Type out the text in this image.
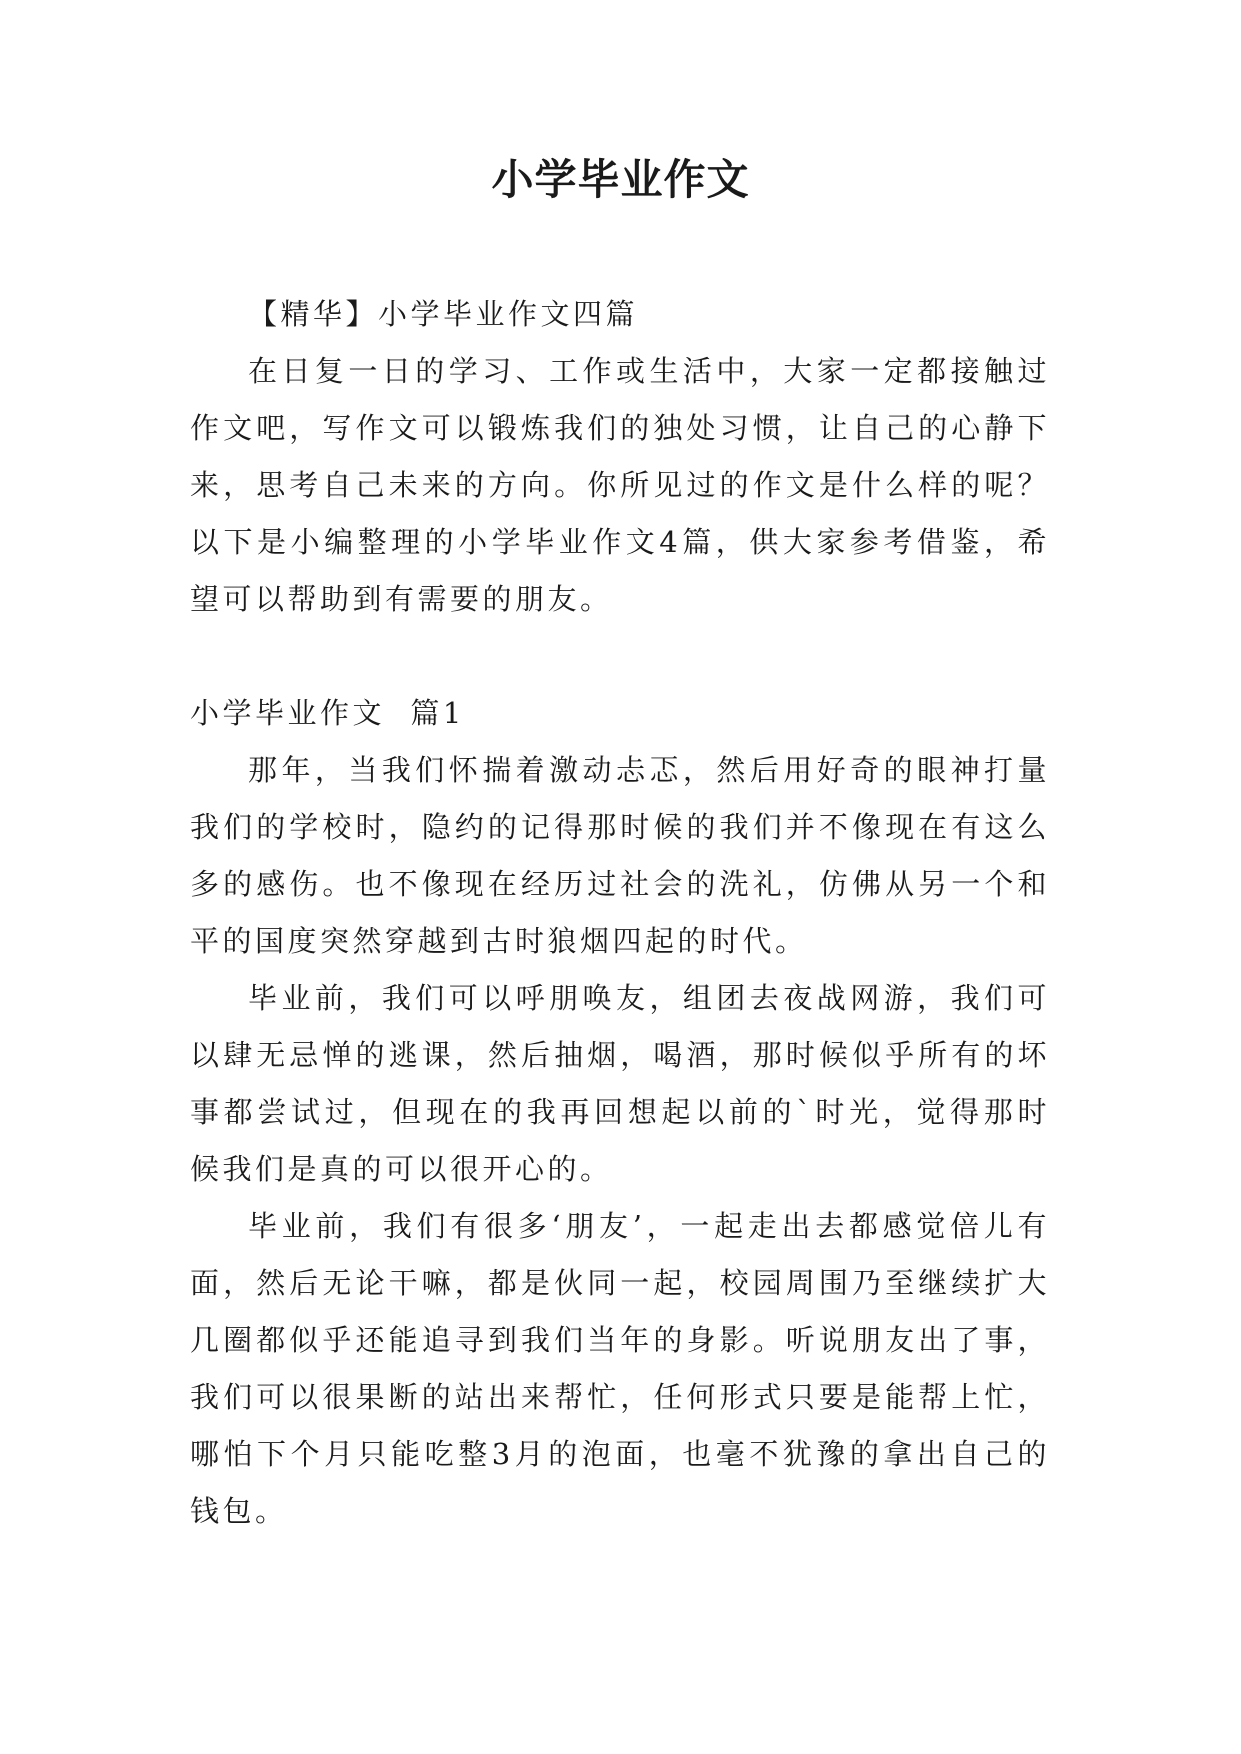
小学毕业作文

【精华】小学毕业作文四篇

在日复一日的学习、工作或生活中，大家一定都接触过作文吧，写作文可以锻炼我们的独处习惯，让自己的心静下来，思考自己未来的方向。你所见过的作文是什么样的呢？以下是小编整理的小学毕业作文4篇，供大家参考借鉴，希望可以帮助到有需要的朋友。

小学毕业作文  篇1

那年，当我们怀揣着激动忐忑，然后用好奇的眼神打量我们的学校时，隐约的记得那时候的我们并不像现在有这么多的感伤。也不像现在经历过社会的洗礼，仿佛从另一个和平的国度突然穿越到古时狼烟四起的时代。

毕业前，我们可以呼朋唤友，组团去夜战网游，我们可以肆无忌惮的逃课，然后抽烟，喝酒，那时候似乎所有的坏事都尝试过，但现在的我再回想起以前的`时光，觉得那时候我们是真的可以很开心的。

毕业前，我们有很多‘朋友’，一起走出去都感觉倍儿有面，然后无论干嘛，都是伙同一起，校园周围乃至继续扩大几圈都似乎还能追寻到我们当年的身影。听说朋友出了事，我们可以很果断的站出来帮忙，任何形式只要是能帮上忙，哪怕下个月只能吃整3月的泡面，也毫不犹豫的拿出自己的钱包。
